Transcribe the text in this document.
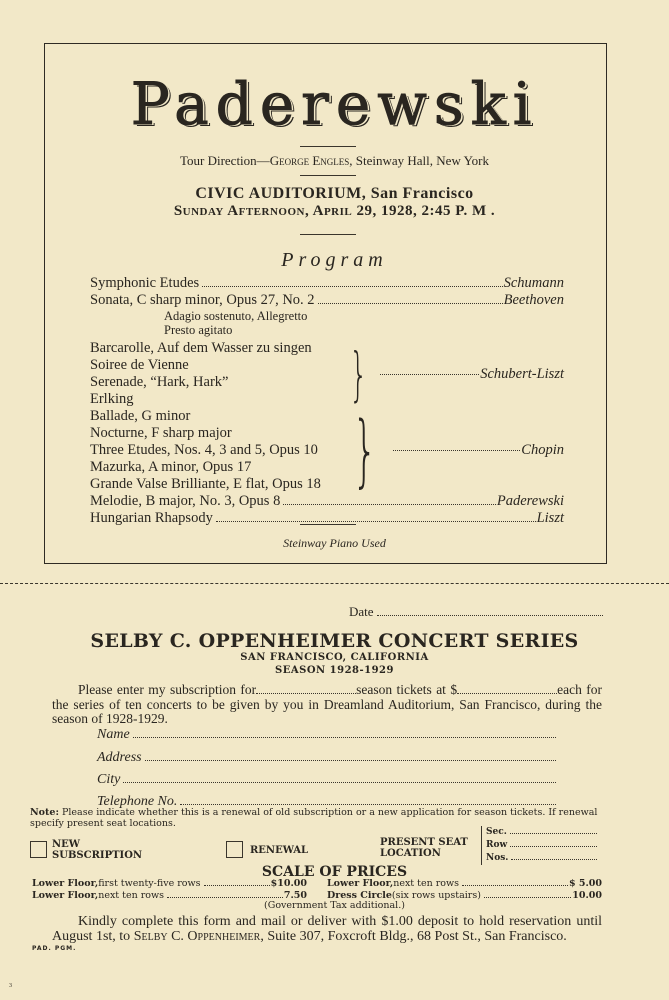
Paderewski
Tour Direction—George Engles, Steinway Hall, New York
CIVIC AUDITORIUM, San Francisco
Sunday Afternoon, April 29, 1928, 2:45 P. M .
Program
Symphonic Etudes	Schumann
Sonata, C sharp minor, Opus 27, No. 2	Beethoven
Adagio sostenuto, Allegretto
Presto agitato
Barcarolle, Auf dem Wasser zu singen
Soiree de Vienne
Serenade, “Hark, Hark”
Erlking	}	Schubert-Liszt
Ballade, G minor
Nocturne, F sharp major
Three Etudes, Nos. 4, 3 and 5, Opus 10
Mazurka, A minor, Opus 17
Grande Valse Brilliante, E flat, Opus 18 }	Chopin
Melodie, B major, No. 3, Opus 8	Paderewski
Hungarian Rhapsody	Liszt
Steinway Piano Used
Date
SELBY C. OPPENHEIMER CONCERT SERIES
SAN FRANCISCO, CALIFORNIA
SEASON 1928-1929
Please enter my subscription for	season tickets at $	each for the series of ten concerts to be given by you in Dreamland Auditorium, San Francisco, during the season of 1928-1929.
Name
Address
City
Telephone No.
Note: Please indicate whether this is a renewal of old subscription or a new application for season tickets. If renewal specify present seat locations.
NEW
SUBSCRIPTION	RENEWAL
PRESENT SEAT
LOCATION
Sec.
Row
Nos.
SCALE OF PRICES
Lower Floor, first twenty-five rows	$10.00 Lower Floor, next ten rows	$ 5.00
Lower Floor, next ten rows	7.50 Dress Circle (six rows upstairs)	10.00
(Government Tax additional.)
Kindly complete this form and mail or deliver with $1.00 deposit to hold reservation until August 1st, to Selby C. Oppenheimer, Suite 307, Foxcroft Bldg., 68 Post St., San Francisco.
PAD. PGM.
3
